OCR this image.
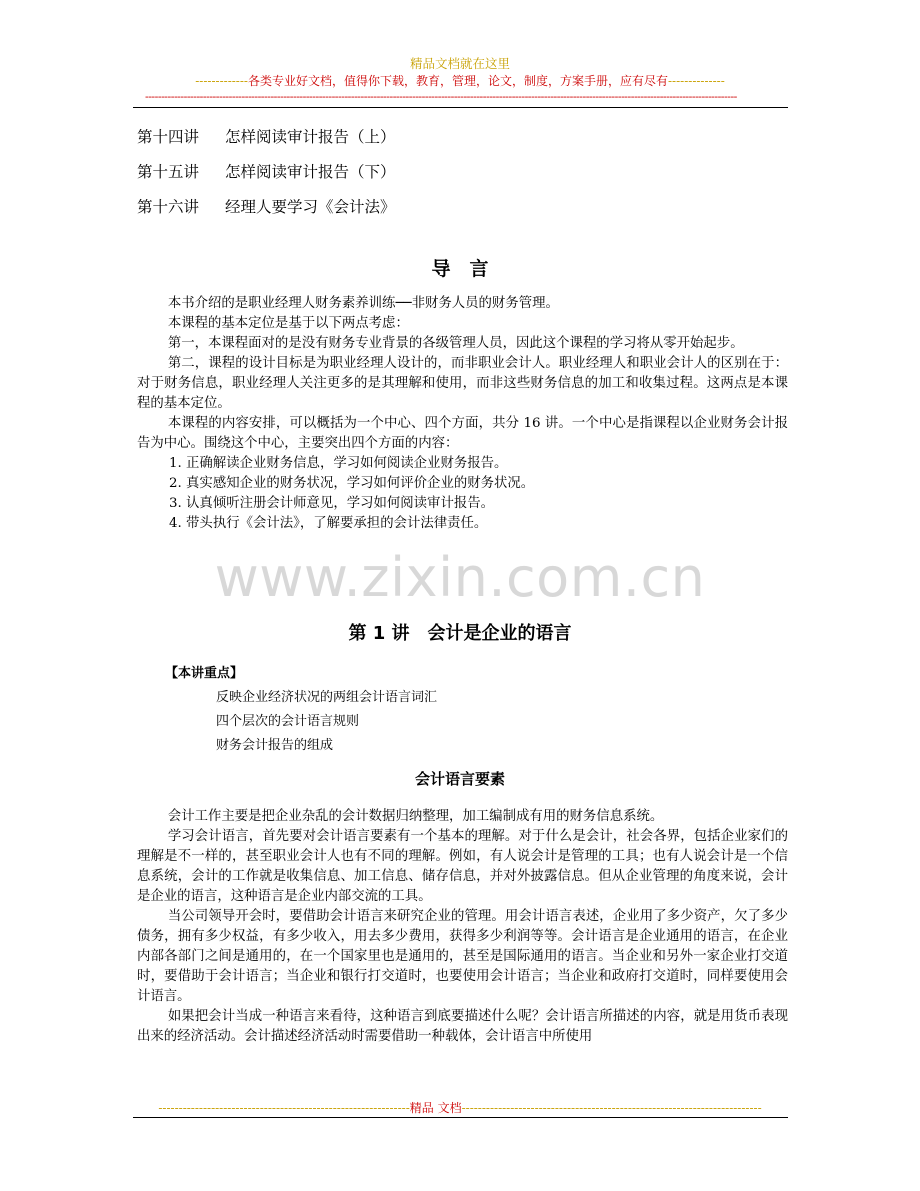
精品文档就在这里
-------------各类专业好文档，值得你下载，教育，管理，论文，制度，方案手册，应有尽有--------------
----------------------------------------------------------------------------------------------------------------------------------------------------------------------------------------
第十四讲 怎样阅读审计报告（上）
第十五讲 怎样阅读审计报告（下）
第十六讲 经理人要学习《会计法》
导　言

本书介绍的是职业经理人财务素养训练──非财务人员的财务管理。

本课程的基本定位是基于以下两点考虑：

第一，本课程面对的是没有财务专业背景的各级管理人员，因此这个课程的学习将从零开始起步。

第二，课程的设计目标是为职业经理人设计的，而非职业会计人。职业经理人和职业会计人的区别在于：对于财务信息，职业经理人关注更多的是其理解和使用，而非这些财务信息的加工和收集过程。这两点是本课程的基本定位。

本课程的内容安排，可以概括为一个中心、四个方面，共分 16 讲。一个中心是指课程以企业财务会计报告为中心。围绕这个中心，主要突出四个方面的内容：

1. 正确解读企业财务信息，学习如何阅读企业财务报告。

2. 真实感知企业的财务状况，学习如何评价企业的财务状况。

3. 认真倾听注册会计师意见，学习如何阅读审计报告。

4. 带头执行《会计法》，了解要承担的会计法律责任。

www.zixin.com.cn
第 1 讲　会计是企业的语言
【本讲重点】
反映企业经济状况的两组会计语言词汇
四个层次的会计语言规则
财务会计报告的组成
会计语言要素

会计工作主要是把企业杂乱的会计数据归纳整理，加工编制成有用的财务信息系统。

学习会计语言，首先要对会计语言要素有一个基本的理解。对于什么是会计，社会各界，包括企业家们的理解是不一样的，甚至职业会计人也有不同的理解。例如，有人说会计是管理的工具；也有人说会计是一个信息系统，会计的工作就是收集信息、加工信息、储存信息，并对外披露信息。但从企业管理的角度来说，会计是企业的语言，这种语言是企业内部交流的工具。

当公司领导开会时，要借助会计语言来研究企业的管理。用会计语言表述，企业用了多少资产，欠了多少债务，拥有多少权益，有多少收入，用去多少费用，获得多少利润等等。会计语言是企业通用的语言，在企业内部各部门之间是通用的，在一个国家里也是通用的，甚至是国际通用的语言。当企业和另外一家企业打交道时，要借助于会计语言；当企业和银行打交道时，也要使用会计语言；当企业和政府打交道时，同样要使用会计语言。

如果把会计当成一种语言来看待，这种语言到底要描述什么呢？会计语言所描述的内容，就是用货币表现出来的经济活动。会计描述经济活动时需要借助一种载体，会计语言中所使用

--------------------------------------------------------------精品 文档--------------------------------------------------------------------------
